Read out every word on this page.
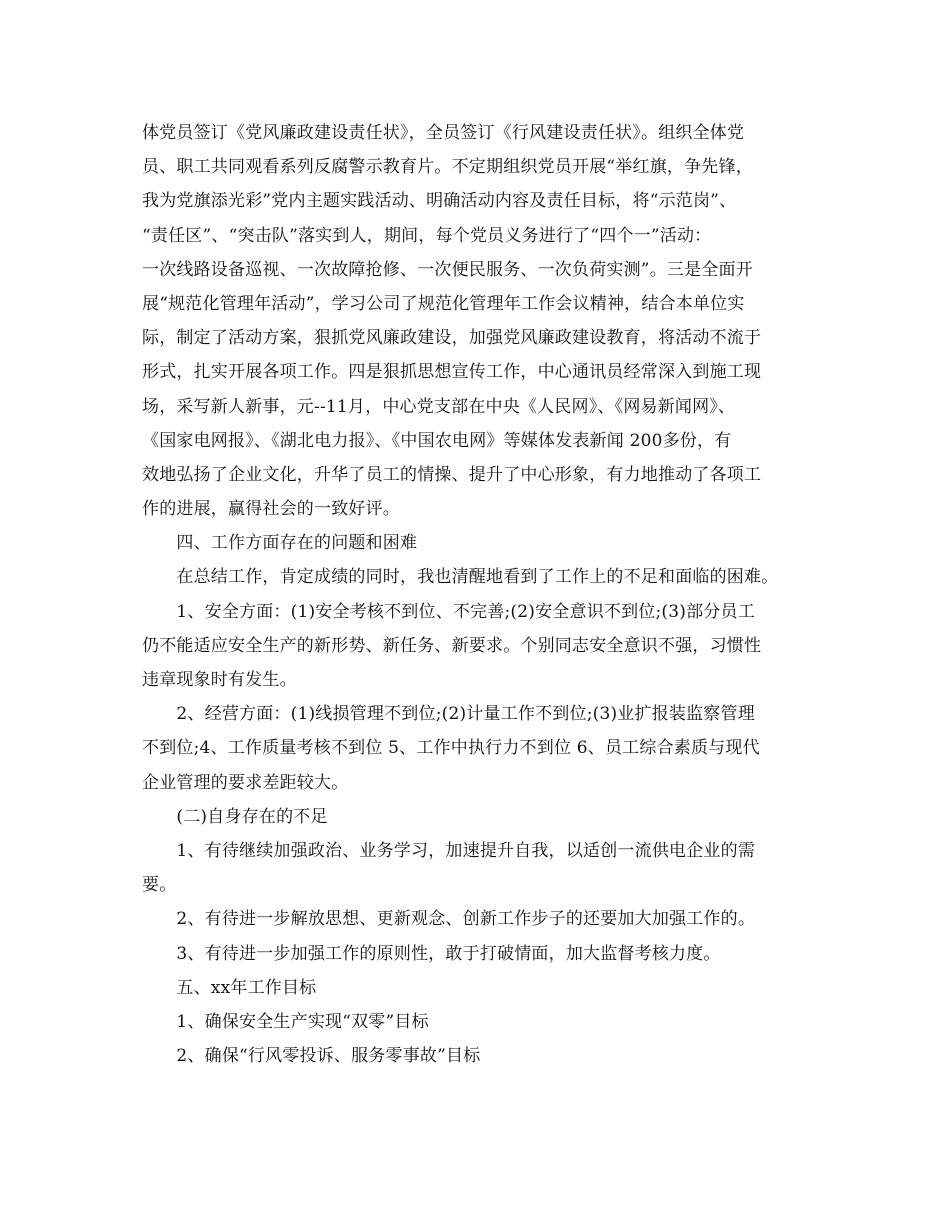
体党员签订《党风廉政建设责任状》，全员签订《行风建设责任状》。组织全体党
员、职工共同观看系列反腐警示教育片。不定期组织党员开展“举红旗，争先锋，
我为党旗添光彩”党内主题实践活动、明确活动内容及责任目标，将“示范岗”、
“责任区”、“突击队”落实到人，期间，每个党员义务进行了“四个一”活动：
一次线路设备巡视、一次故障抢修、一次便民服务、一次负荷实测”。三是全面开
展“规范化管理年活动”，学习公司了规范化管理年工作会议精神，结合本单位实
际，制定了活动方案，狠抓党风廉政建设，加强党风廉政建设教育，将活动不流于
形式，扎实开展各项工作。四是狠抓思想宣传工作，中心通讯员经常深入到施工现
场，采写新人新事，元--11月，中心党支部在中央《人民网》、《网易新闻网》、
《国家电网报》、《湖北电力报》、《中国农电网》等媒体发表新闻 200多份，有
效地弘扬了企业文化，升华了员工的情操、提升了中心形象，有力地推动了各项工
作的进展，赢得社会的一致好评。
　　四、工作方面存在的问题和困难
　　在总结工作，肯定成绩的同时，我也清醒地看到了工作上的不足和面临的困难。
　　1、安全方面：(1)安全考核不到位、不完善;(2)安全意识不到位;(3)部分员工
仍不能适应安全生产的新形势、新任务、新要求。个别同志安全意识不强，习惯性
违章现象时有发生。
　　2、经营方面：(1)线损管理不到位;(2)计量工作不到位;(3)业扩报装监察管理
不到位;4、工作质量考核不到位 5、工作中执行力不到位 6、员工综合素质与现代
企业管理的要求差距较大。
　　(二)自身存在的不足
　　1、有待继续加强政治、业务学习，加速提升自我，以适创一流供电企业的需
要。
　　2、有待进一步解放思想、更新观念、创新工作步子的还要加大加强工作的。
　　3、有待进一步加强工作的原则性，敢于打破情面，加大监督考核力度。
　　五、xx年工作目标
　　1、确保安全生产实现“双零”目标
　　2、确保“行风零投诉、服务零事故”目标
